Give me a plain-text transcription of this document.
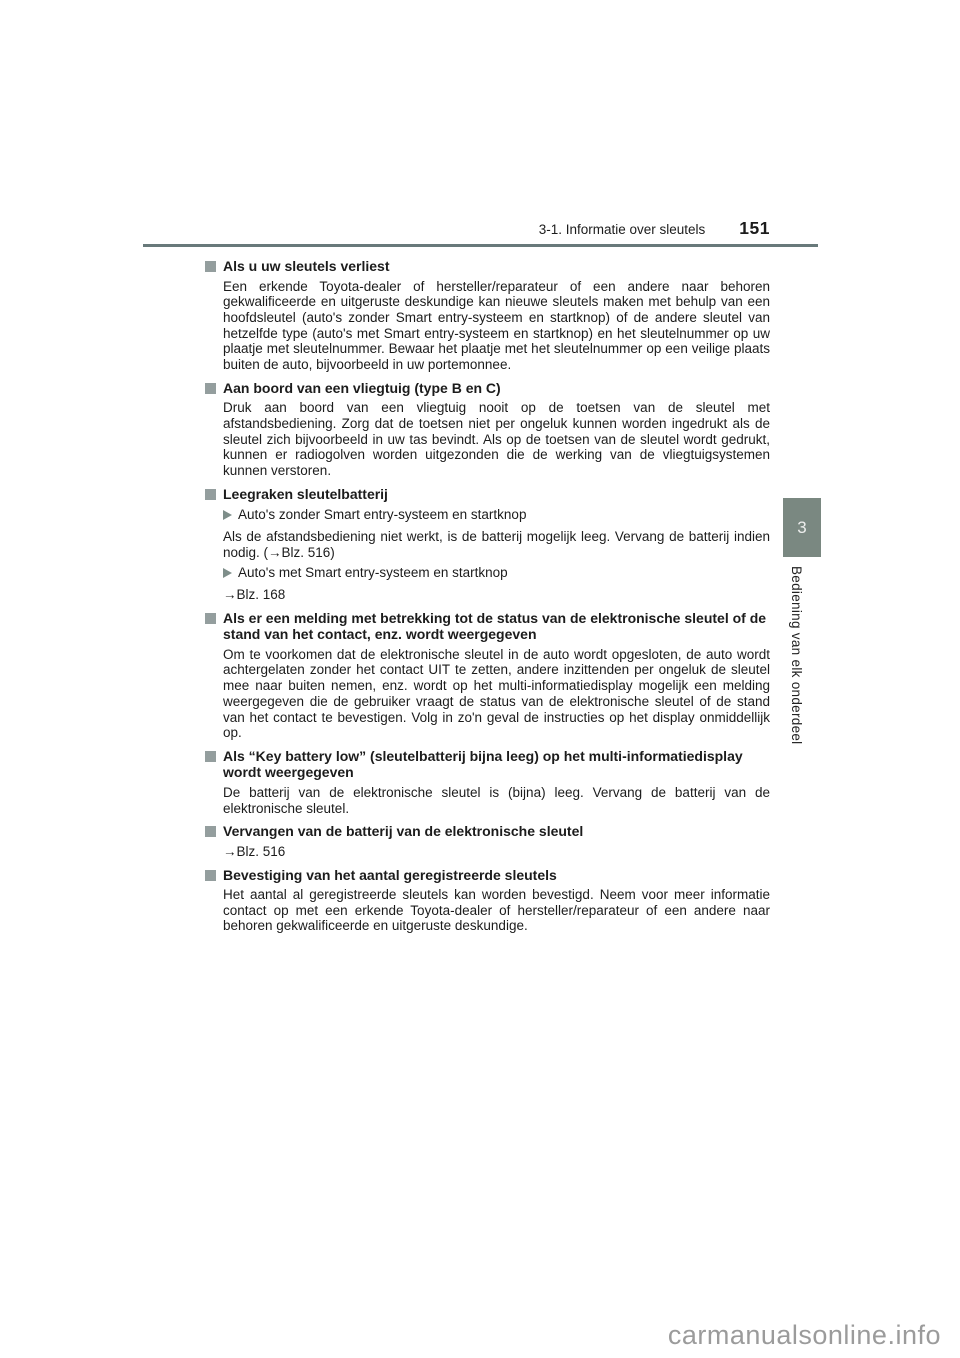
3-1. Informatie over sleutels 151
Als u uw sleutels verliest
Een erkende Toyota-dealer of hersteller/reparateur of een andere naar behoren gekwalificeerde en uitgeruste deskundige kan nieuwe sleutels maken met behulp van een hoofdsleutel (auto's zonder Smart entry-systeem en startknop) of de andere sleutel van hetzelfde type (auto's met Smart entry-systeem en startknop) en het sleutelnummer op uw plaatje met sleutelnummer. Bewaar het plaatje met het sleutelnummer op een veilige plaats buiten de auto, bijvoorbeeld in uw portemonnee.
Aan boord van een vliegtuig (type B en C)
Druk aan boord van een vliegtuig nooit op de toetsen van de sleutel met afstandsbediening. Zorg dat de toetsen niet per ongeluk kunnen worden ingedrukt als de sleutel zich bijvoorbeeld in uw tas bevindt. Als op de toetsen van de sleutel wordt gedrukt, kunnen er radiogolven worden uitgezonden die de werking van de vliegtuigsystemen kunnen verstoren.
Leegraken sleutelbatterij
Auto's zonder Smart entry-systeem en startknop
Als de afstandsbediening niet werkt, is de batterij mogelijk leeg. Vervang de batterij indien nodig. (→Blz. 516)
Auto's met Smart entry-systeem en startknop
→Blz. 168
Als er een melding met betrekking tot de status van de elektronische sleutel of de stand van het contact, enz. wordt weergegeven
Om te voorkomen dat de elektronische sleutel in de auto wordt opgesloten, de auto wordt achtergelaten zonder het contact UIT te zetten, andere inzittenden per ongeluk de sleutel mee naar buiten nemen, enz. wordt op het multi-informatiedisplay mogelijk een melding weergegeven die de gebruiker vraagt de status van de elektronische sleutel of de stand van het contact te bevestigen. Volg in zo'n geval de instructies op het display onmiddellijk op.
Als “Key battery low” (sleutelbatterij bijna leeg) op het multi-informatiedisplay wordt weergegeven
De batterij van de elektronische sleutel is (bijna) leeg. Vervang de batterij van de elektronische sleutel.
Vervangen van de batterij van de elektronische sleutel
→Blz. 516
Bevestiging van het aantal geregistreerde sleutels
Het aantal al geregistreerde sleutels kan worden bevestigd. Neem voor meer informatie contact op met een erkende Toyota-dealer of hersteller/reparateur of een andere naar behoren gekwalificeerde en uitgeruste deskundige.
3
Bediening van elk onderdeel
carmanualsonline.info
